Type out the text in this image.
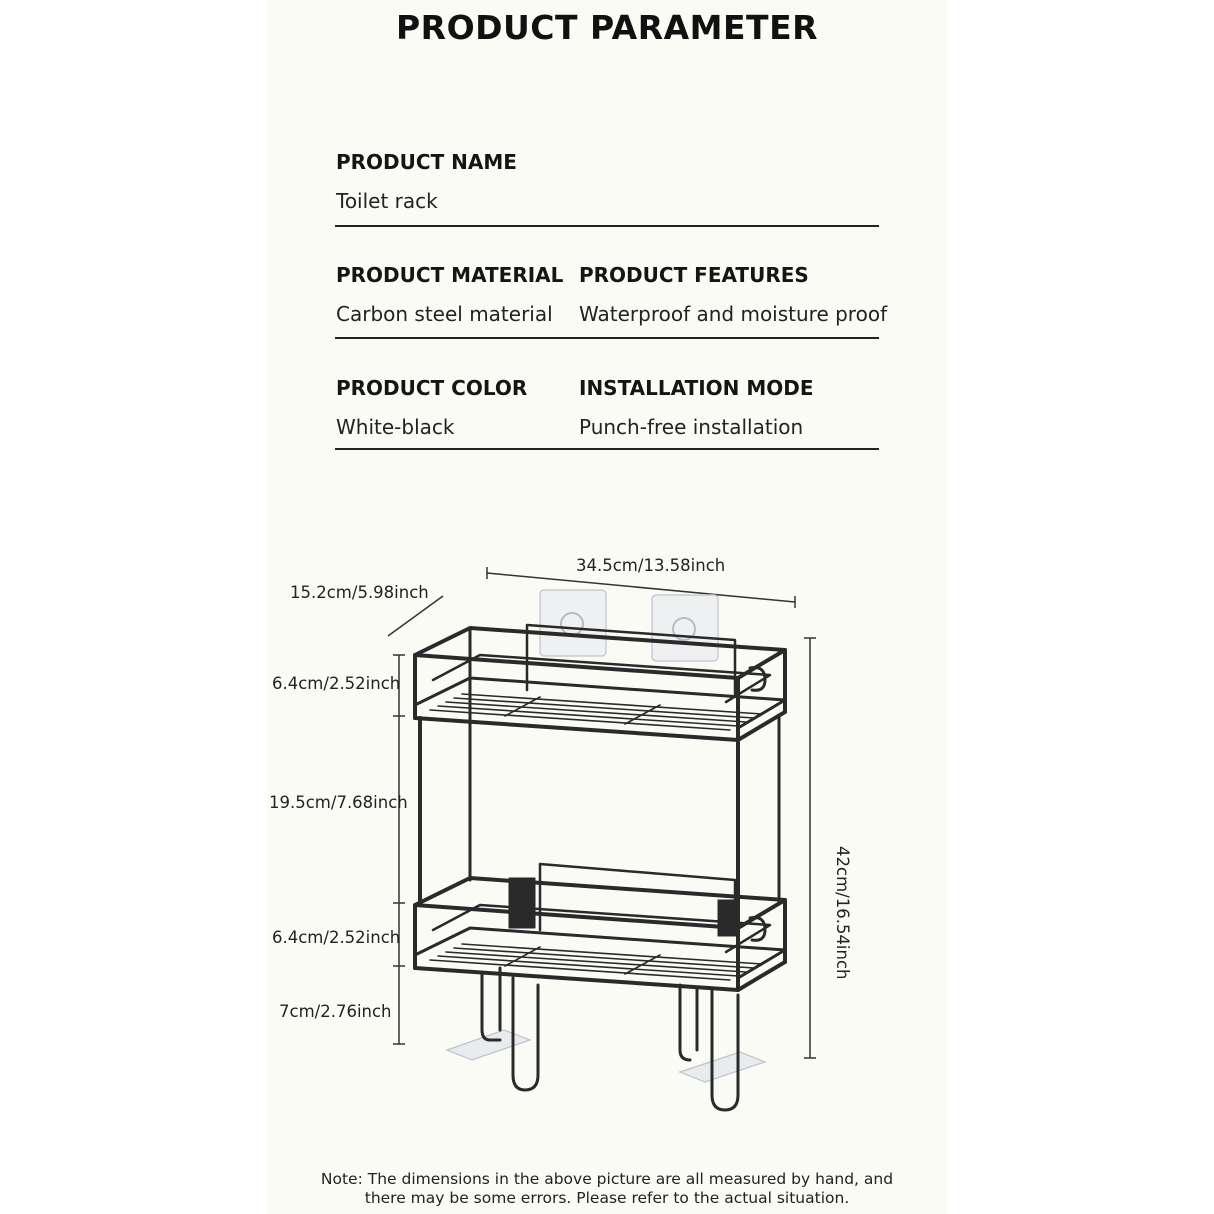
PRODUCT PARAMETER
PRODUCT NAME
Toilet rack
PRODUCT MATERIAL
Carbon steel material
PRODUCT FEATURES
Waterproof and moisture proof
PRODUCT COLOR
White-black
INSTALLATION MODE
Punch-free installation
34.5cm/13.58inch
15.2cm/5.98inch
6.4cm/2.52inch
19.5cm/7.68inch
6.4cm/2.52inch
7cm/2.76inch
42cm/16.54inch
Note: The dimensions in the above picture are all measured by hand, and
there may be some errors. Please refer to the actual situation.
